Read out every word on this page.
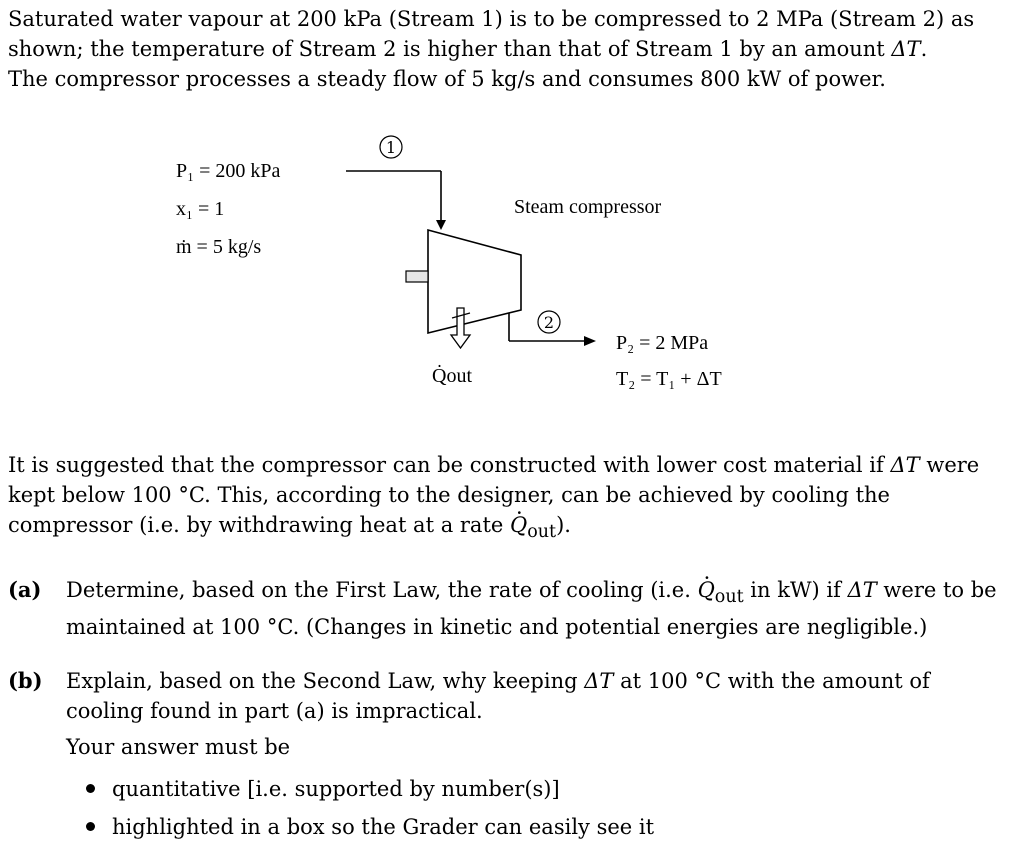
Saturated water vapour at 200 kPa (Stream 1) is to be compressed to 2 MPa (Stream 2) as
shown; the temperature of Stream 2 is higher than that of Stream 1 by an amount ΔT.
The compressor processes a steady flow of 5 kg/s and consumes 800 kW of power.
1
2
P₁ = 200 kPa
x₁ = 1
ṁ = 5 kg/s
Steam compressor
Q̇out
P₂ = 2 MPa
T₂ = T₁ + ΔT
It is suggested that the compressor can be constructed with lower cost material if ΔT were
kept below 100 °C. This, according to the designer, can be achieved by cooling the
compressor (i.e. by withdrawing heat at a rate $Q \cdot_{out}$).
(a) Determine, based on the First Law, the rate of cooling (i.e. $Q \cdot_{out}$ in kW) if ΔT were to be
maintained at 100 °C. (Changes in kinetic and potential energies are negligible.)
(b) Explain, based on the Second Law, why keeping ΔT at 100 °C with the amount of
cooling found in part (a) is impractical.
Your answer must be
quantitative [i.e. supported by number(s)]
highlighted in a box so the Grader can easily see it
